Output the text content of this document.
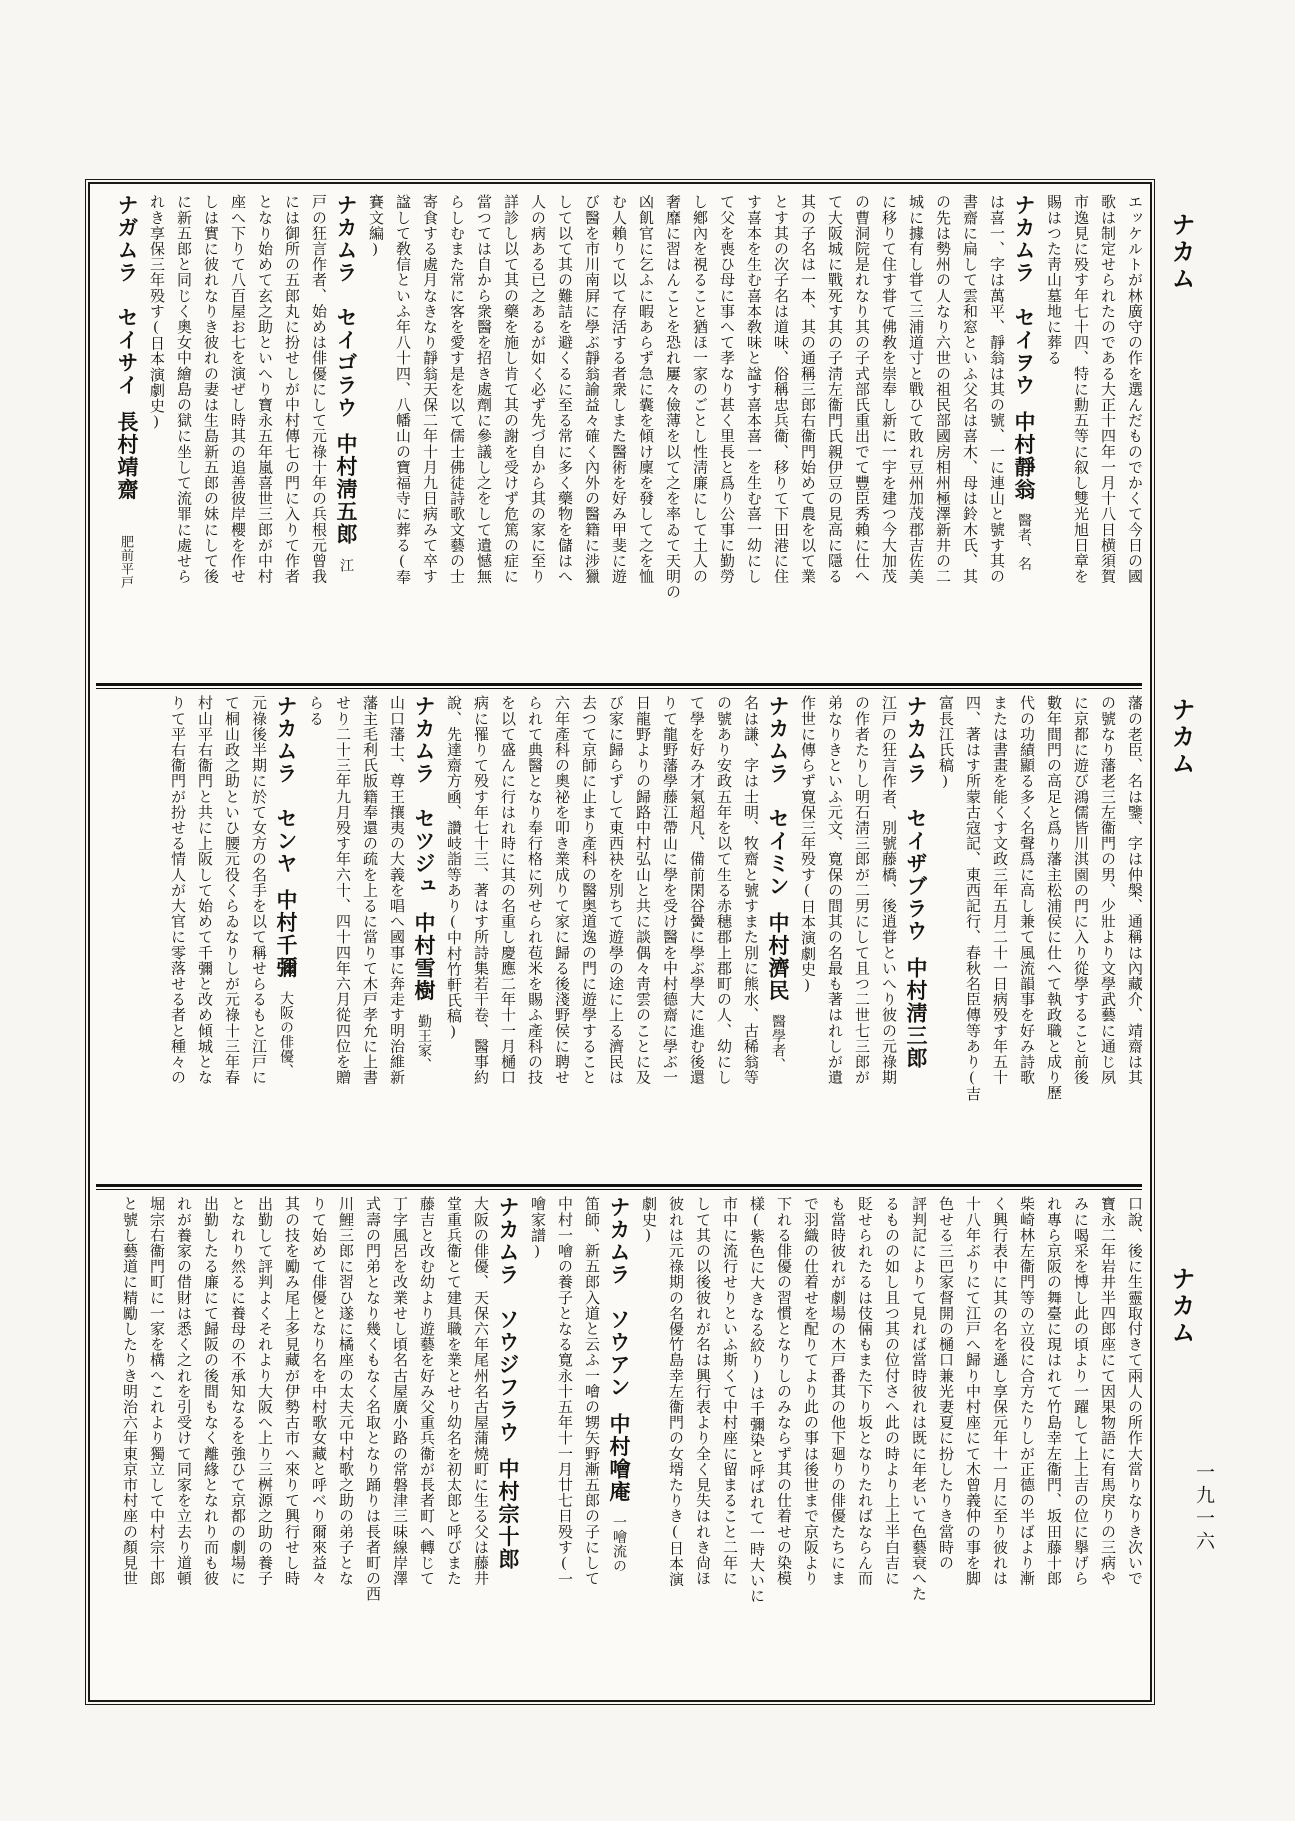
エッケルトが林廣守の作を選んだものでかくて今日の國
歌は制定せられたのである大正十四年一月十八日横須賀
市逸見に殁す年七十四、特に勳五等に叙し雙光旭日章を
賜はつた靑山墓地に葬る
ナカムラ　セイヲウ中村靜翁醫者、名
は喜一、字は萬平、靜翁は其の號、一に連山と號す其の
書齋に扁して雲和窓といふ父名は喜木、母は鈴木氏、其
の先は勢州の人なり六世の祖民部國房相州極澤新井の二
城に據有し甞て三浦道寸と戰ひて敗れ豆州加茂郡吉佐美
に移りて住す甞て佛敎を崇奉し新に一宇を建つ今大加茂
の曹洞院是れなり其の子式部氏重出でて豐臣秀賴に仕へ
て大阪城に戰死す其の子淸左衞門氏親伊豆の見高に隱る
其の子名は一本、其の通稱三郎右衞門始めて農を以て業
とす其の次子名は道味、俗稱忠兵衞、移りて下田港に住
す喜本を生む喜本敎味と諡す喜本喜一を生む喜一幼にし
て父を喪ひ母に事へて孝なり甚く里長と爲り公事に勤勞
し鄕內を視ること猶ほ一家のごとし性淸廉にして土人の
奢靡に習はんことを恐れ屢々儉薄を以て之を率ゐて天明の
凶飢官に乞ふに暇あらず急に囊を傾け廩を發して之を恤
む人賴りて以て存活する者衆しまた醫術を好み甲斐に遊
び醫を市川南屛に學ぶ靜翁諭益々確く內外の醫籍に涉獵
して以て其の難詰を避くるに至る常に多く藥物を儲はへ
人の病ある已之あるが如く必ず先づ自から其の家に至り
詳診し以て其の藥を施し肯て其の謝を受けず危篤の症に
當つては自から衆醫を招き處劑に參議し之をして遺憾無
らしむまた常に客を愛す是を以て儒士佛徒詩歌文藝の士
寄食する處月なきなり靜翁天保二年十月九日病みて卒す
諡して敎信といふ年八十四、八幡山の寶福寺に葬る(奉
賽文編)
ナカムラ　セイゴラウ中村淸五郎江
戸の狂言作者、始めは俳優にして元祿十年の兵根元曾我
には御所の五郎丸に扮せしが中村傳七の門に入りて作者
となり始めて玄之助といへり寶永五年嵐喜世三郎が中村
座へ下りて八百屋お七を演ぜし時其の追善彼岸櫻を作せ
しは實に彼れなりき彼れの妻は生島新五郎の妹にして後
に新五郎と同じく奧女中繪島の獄に坐して流罪に處せら
れき享保三年殁す(日本演劇史)
ナガムラ　セイサイ長村靖齋肥前平戸
藩の老臣、名は鑒、字は仲槃、通稱は內藏介、靖齋は其
の號なり藩老三左衞門の男、少壯より文學武藝に通じ夙
に京都に遊び鴻儒皆川淇園の門に入り從學すること前後
數年間門の高足と爲り藩主松浦侯に仕へて執政職と成り歷
代の功績顯る多く名聲爲に高し兼て風流韻事を好み詩歌
または書畫を能くす文政三年五月二十一日病殁す年五十
四、著はす所蒙古寇記、東西記行、春秋名臣傳等あり(吉
富長江氏稿)
ナカムラ　セイザブラウ中村淸三郎
江戸の狂言作者、別號藤橋、後逍甞といへり彼の元祿期
の作者たりし明石淸三郎が二男にして且つ二世七三郎が
弟なりきといふ元文、寛保の間其の名最も著はれしが遺
作世に傳らず寛保三年殁す(日本演劇史)
ナカムラ　セイミン中村濟民醫學者、
名は謙、字は士明、牧齋と號すまた別に熊水、古稀翁等
の號あり安政五年を以て生る赤穗郡上郡町の人、幼にし
て學を好み才氣超凡、備前閑谷黌に學ぶ學大に進む後還
りて龍野藩學藤江帶山に學を受け醫を中村德齋に學ぶ一
日龍野よりの歸路中村弘山と共に談偶々靑雲のことに及
び家に歸らずして東西袂を別ちて遊學の途に上る濟民は
去つて京師に止まり產科の醫奥道逸の門に遊學すること
六年產科の奧祕を叩き業成りて家に歸る後淺野侯に聘せ
られて典醫となり奉行格に列せられ苞米を賜ふ產科の技
を以て盛んに行はれ時に其の名重し慶應二年十一月樋口
病に罹りて殁す年七十三、著はす所詩集若干卷、醫事約
說、先達齋方凾、讚岐詣等あり(中村竹軒氏稿)
ナカムラ　セツジュ中村雪樹勤王家、
山口藩士、尊王攘夷の大義を唱へ國事に奔走す明治維新
藩主毛利氏版籍奉還の疏を上るに當りて木戸孝允に上書
せり二十三年九月殁す年六十、四十四年六月從四位を贈
らる
ナカムラ　センヤ中村千彌大阪の俳優、
元祿後半期に於て女方の名手を以て稱せらるもと江戸に
て桐山政之助といひ腰元役くらゐなりしが元祿十三年春
村山平右衞門と共に上阪して始めて千彌と改め傾城とな
りて平右衞門が扮せる情人が大官に零落せる者と種々の
口說、後に生靈取付きて兩人の所作大當りなりき次いで
寶永二年岩井半四郎座にて因果物語に有馬戻りの三病や
みに喝采を博し此の頃より一躍して上上吉の位に擧げら
れ專ら京阪の舞臺に現はれて竹島幸左衞門、坂田藤十郎
柴崎林左衞門等の立役に合方たりしが正德の半ばより漸
く興行表中に其の名を遜し享保元年十一月に至り彼れは
十八年ぶりにて江戸へ歸り中村座にて木曾義仲の事を脚
色せる三巴家督開の樋口兼光妻夏に扮したりき當時の
評判記によりて見れば當時彼れは既に年老いて色藝衰へた
るものの如し且つ其の位付さへ此の時より上上半白吉に
貶せられたるは伎倆もまた下り坂となりたればならん而
も當時彼れが劇場の木戸番其の他下廻りの俳優たちにま
で羽織の仕着せを配りてより此の事は後世まで京阪より
下れる俳優の習慣となりしのみならず其の仕着せの染模
樣(紫色に大きなる絞り)は千彌染と呼ばれて一時大いに
市中に流行せりといふ斯くて中村座に留まること二年に
して其の以後彼れが名は興行表より全く見失はれき尙ほ
彼れは元祿期の名優竹島幸左衞門の女壻たりき(日本演
劇史)
ナカムラ　ソウアン中村噲庵一噲流の
笛師、新五郎入道と云ふ一噲の甥矢野漸五郎の子にして
中村一噲の養子となる寛永十五年十一月廿七日殁す(一
噲家譜)
ナカムラ　ソウジフラウ中村宗十郎
大阪の俳優、天保六年尾州名古屋蒲燒町に生る父は藤井
堂重兵衞とて建具職を業とせり幼名を初太郎と呼びまた
藤吉と改む幼より遊藝を好み父重兵衞が長者町へ轉じて
丁字風呂を改業せし頃名古屋廣小路の常磐津三味線岸澤
式壽の門弟となり幾くもなく名取となり踊りは長者町の西
川鯉三郎に習ひ遂に橘座の太夫元中村歌之助の弟子とな
りて始めて俳優となり名を中村歌女藏と呼べり爾來益々
其の技を勵み尾上多見藏が伊勢古市へ來りて興行せし時
出勤して評判よくそれより大阪へ上り三桝源之助の養子
となれり然るに養母の不承知なるを強ひて京都の劇場に
出勤したる廉にて歸阪の後間もなく離緣となれり而も彼
れが養家の借財は悉く之れを引受けて同家を立去り道頓
堀宗右衞門町に一家を構へこれより獨立して中村宗十郎
と號し藝道に精勵したりき明治六年東京市村座の顏見世
ナカム
ナカム
ナカム
一九一六
